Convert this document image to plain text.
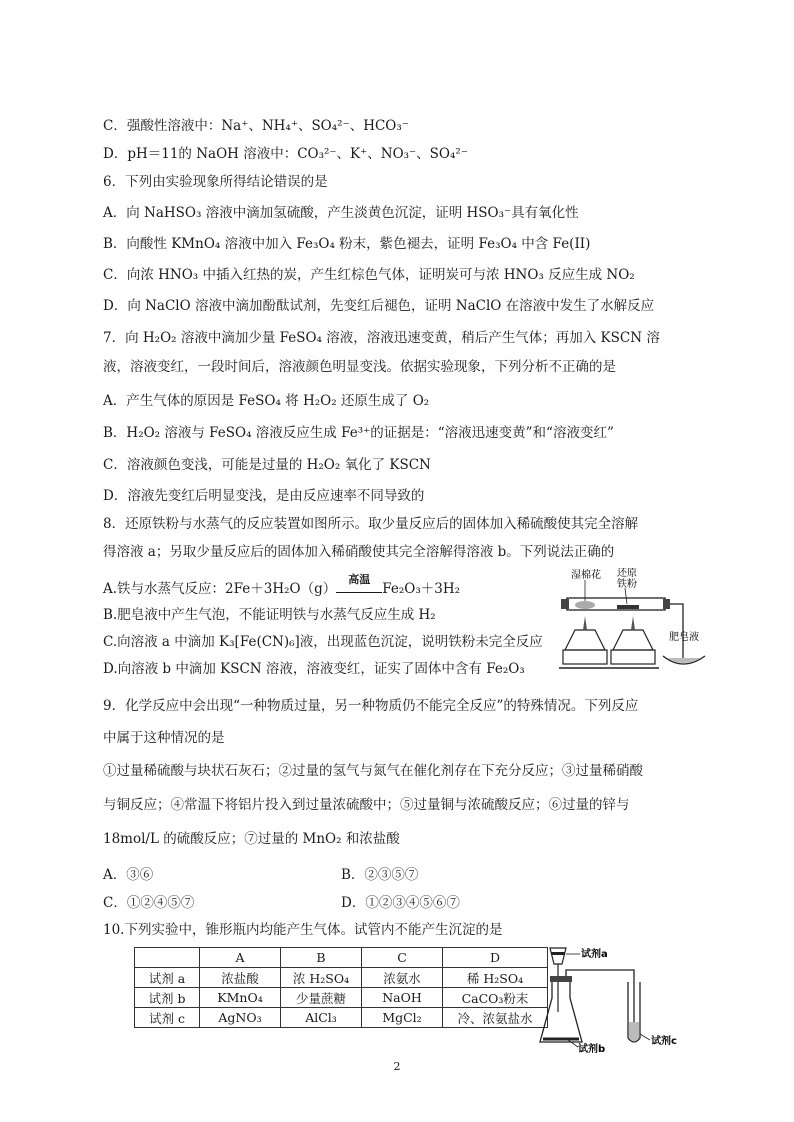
C．强酸性溶液中：Na⁺、NH₄⁺、SO₄²⁻、HCO₃⁻
D．pH＝11的 NaOH 溶液中：CO₃²⁻、K⁺、NO₃⁻、SO₄²⁻
6．下列由实验现象所得结论错误的是
A．向 NaHSO₃ 溶液中滴加氢硫酸，产生淡黄色沉淀，证明 HSO₃⁻具有氧化性
B．向酸性 KMnO₄ 溶液中加入 Fe₃O₄ 粉末，紫色褪去，证明 Fe₃O₄ 中含 Fe(II)
C．向浓 HNO₃ 中插入红热的炭，产生红棕色气体，证明炭可与浓 HNO₃ 反应生成 NO₂
D．向 NaClO 溶液中滴加酚酞试剂，先变红后褪色，证明 NaClO 在溶液中发生了水解反应
7．向 H₂O₂ 溶液中滴加少量 FeSO₄ 溶液，溶液迅速变黄，稍后产生气体；再加入 KSCN 溶
液，溶液变红，一段时间后，溶液颜色明显变浅。依据实验现象，下列分析不正确的是
A．产生气体的原因是 FeSO₄ 将 H₂O₂ 还原生成了 O₂
B．H₂O₂ 溶液与 FeSO₄ 溶液反应生成 Fe³⁺的证据是：“溶液迅速变黄”和“溶液变红”
C．溶液颜色变浅，可能是过量的 H₂O₂ 氧化了 KSCN
D．溶液先变红后明显变浅，是由反应速率不同导致的
8．还原铁粉与水蒸气的反应装置如图所示。取少量反应后的固体加入稀硫酸使其完全溶解
得溶液 a；另取少量反应后的固体加入稀硝酸使其完全溶解得溶液 b。下列说法正确的
A.铁与水蒸气反应：2Fe＋3H₂O（g）
高温
Fe₂O₃＋3H₂
B.肥皂液中产生气泡，不能证明铁与水蒸气反应生成 H₂
C.向溶液 a 中滴加 K₃[Fe(CN)₆]液，出现蓝色沉淀，说明铁粉未完全反应
D.向溶液 b 中滴加 KSCN 溶液，溶液变红，证实了固体中含有 Fe₂O₃
湿棉花 还原
铁粉
肥皂液
9．化学反应中会出现“一种物质过量，另一种物质仍不能完全反应”的特殊情况。下列反应
中属于这种情况的是
①过量稀硫酸与块状石灰石；②过量的氢气与氮气在催化剂存在下充分反应；③过量稀硝酸
与铜反应；④常温下将铝片投入到过量浓硫酸中；⑤过量铜与浓硫酸反应；⑥过量的锌与
18mol/L 的硫酸反应；⑦过量的 MnO₂ 和浓盐酸
A．③⑥	B．②③⑤⑦
C．①②④⑤⑦	D．①②③④⑤⑥⑦
10.下列实验中，锥形瓶内均能产生气体。试管内不能产生沉淀的是
	A	B	C	D
试剂 a	浓盐酸	浓 H₂SO₄	浓氨水	稀 H₂SO₄
试剂 b	KMnO₄	少量蔗糖	NaOH	CaCO₃粉末
试剂 c	AgNO₃	AlCl₃	MgCl₂	冷、浓氨盐水
试剂a
试剂b
试剂c
2
